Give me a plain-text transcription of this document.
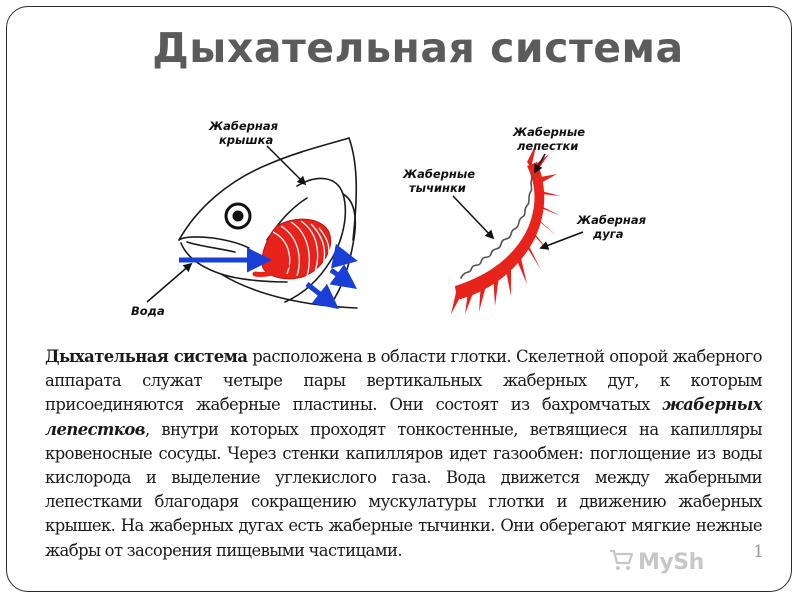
Дыхательная система
Вода
Жаберная крышка
Жаберные лепестки
Жаберные тычинки
Жаберная дуга
Дыхательная система расположена в области глотки. Скелетной опорой жаберного аппарата служат четыре пары вертикальных жаберных дуг, к которым присоединяются жаберные пластины. Они состоят из бахромчатых жаберных лепестков, внутри которых проходят тонкостенные, ветвящиеся на капилляры кровеносные сосуды. Через стенки капилляров идет газообмен: поглощение из воды кислорода и выделение углекислого газа. Вода движется между жаберными лепестками благодаря сокращению мускулатуры глотки и движению жаберных крышек. На жаберных дугах есть жаберные тычинки. Они оберегают мягкие нежные жабры от засорения пищевыми частицами.	MySh	1
